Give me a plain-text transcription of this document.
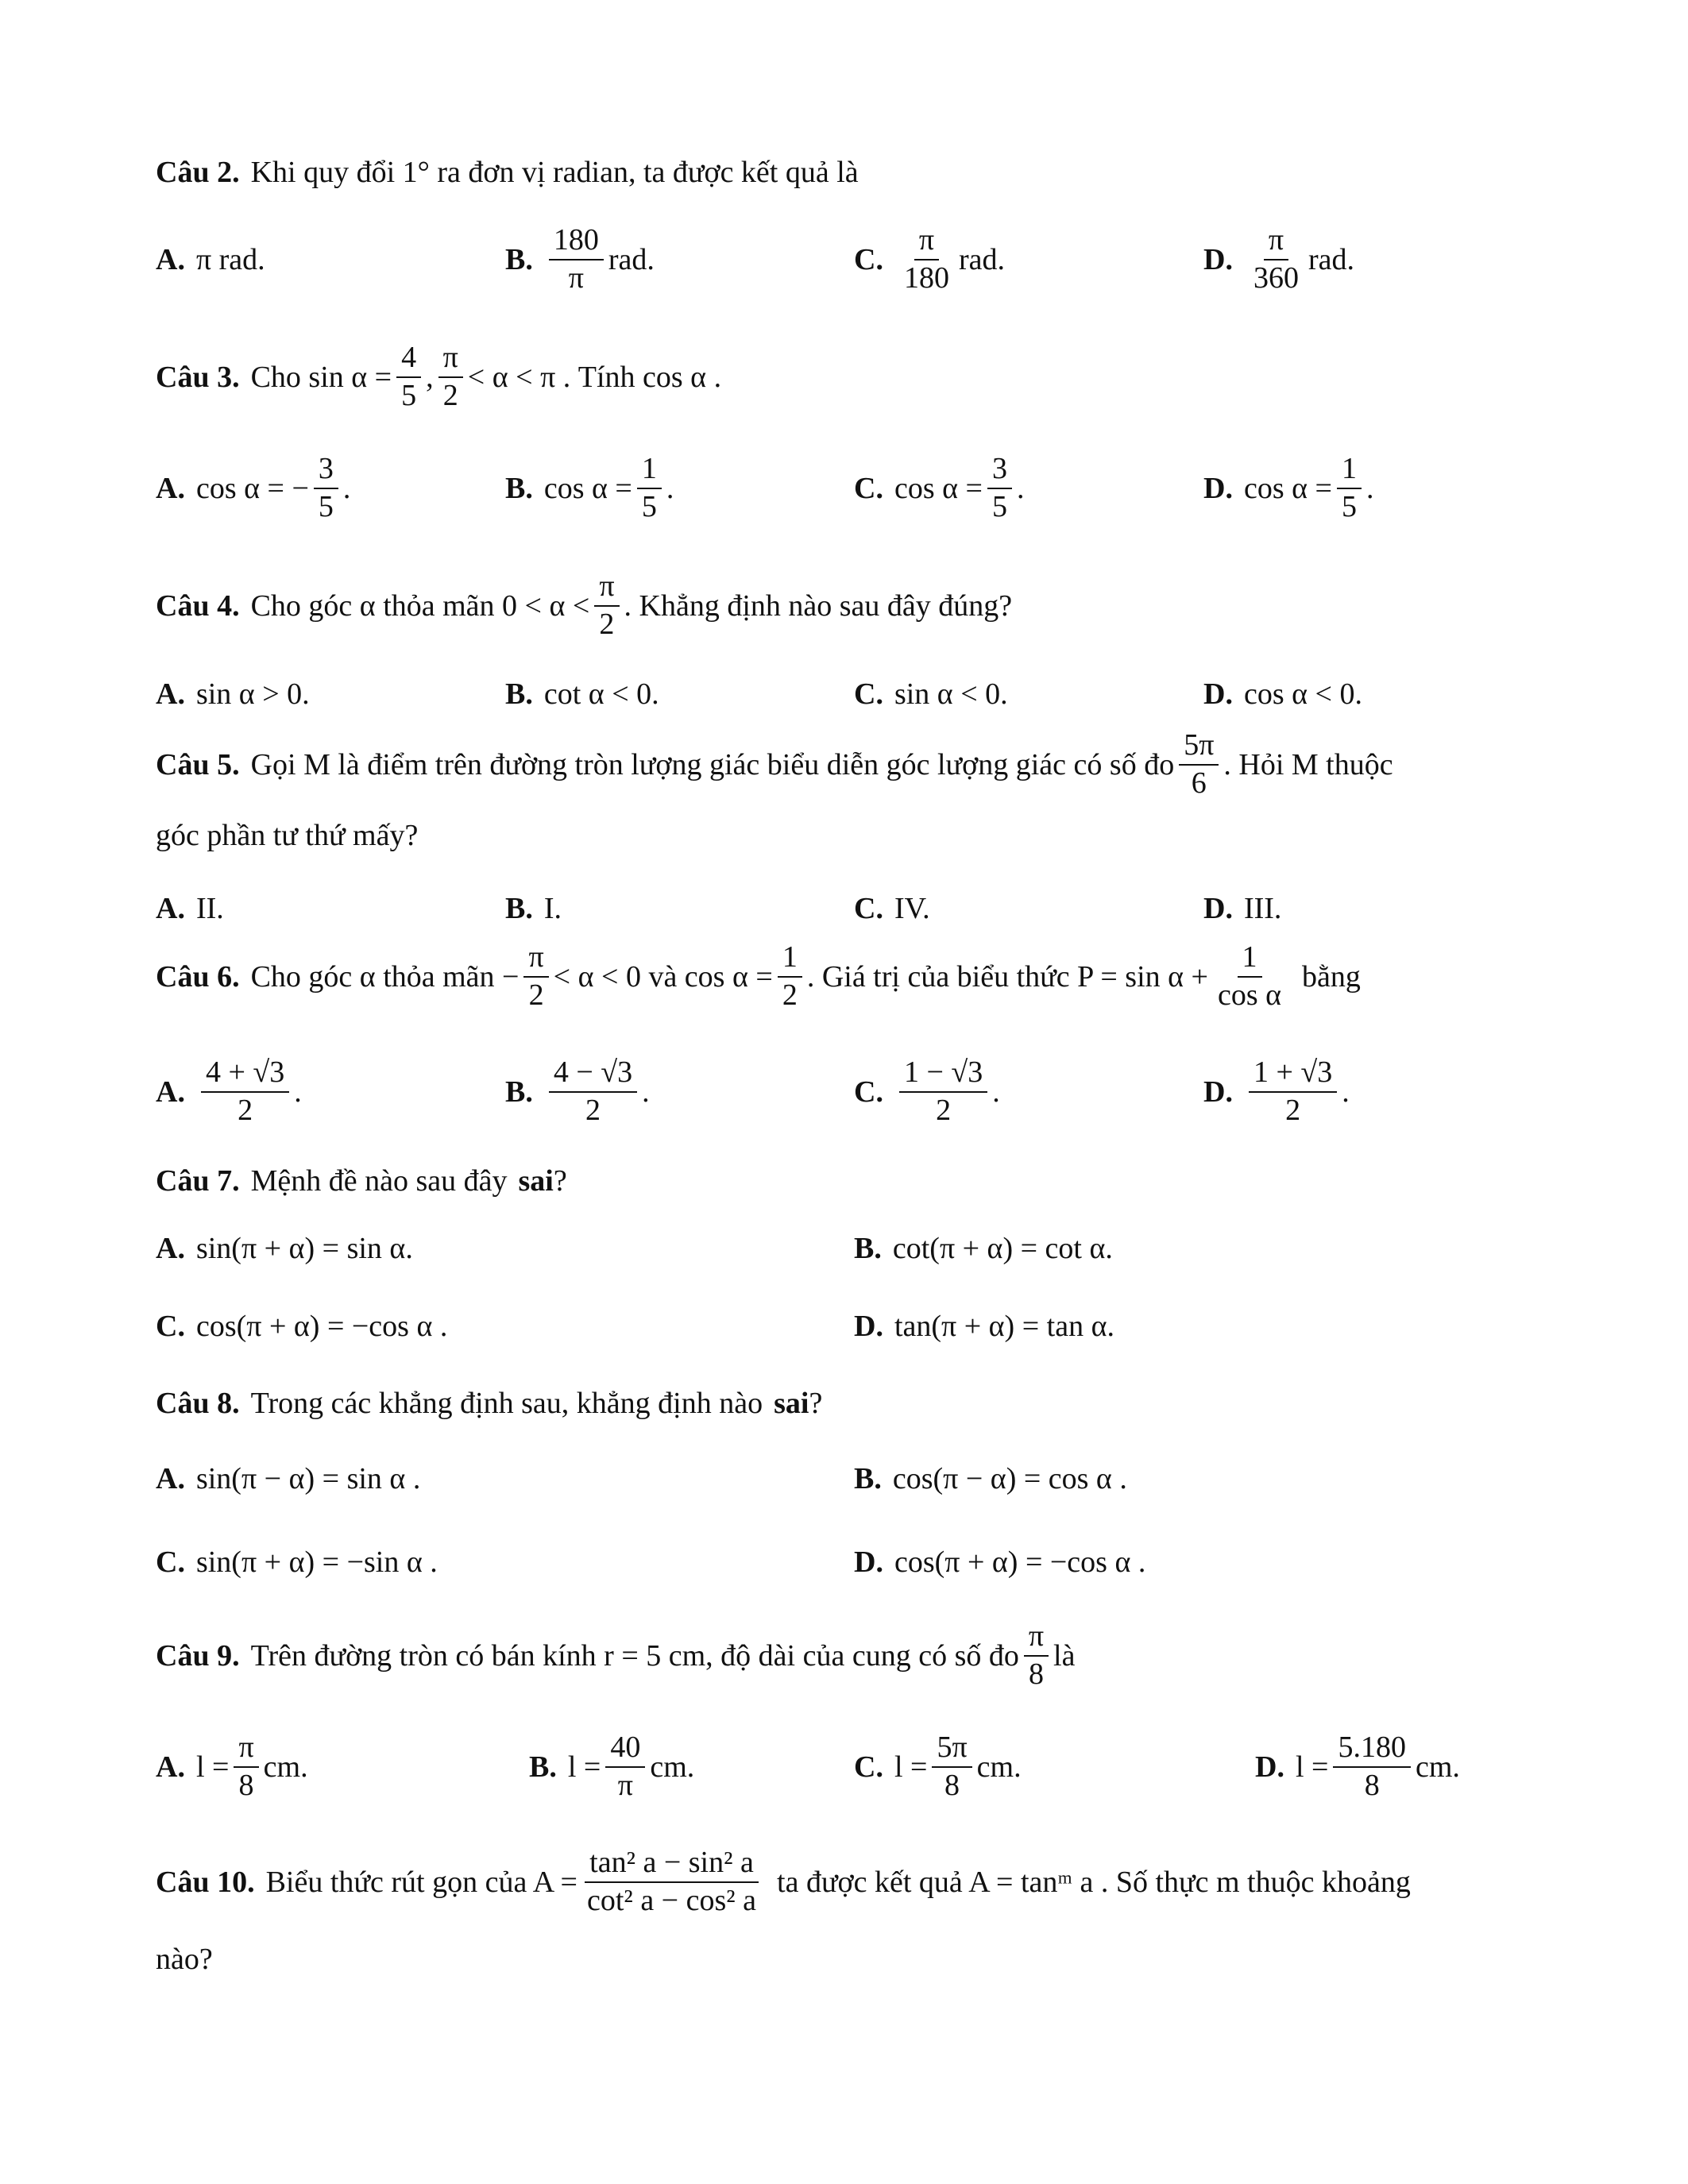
Câu 2. Khi quy đổi 1° ra đơn vị radian, ta được kết quả là
A. π rad.	B. $\frac{180}{\pi}$ rad.	C. $\frac{\pi}{180}$ rad.	D. $\frac{\pi}{360}$ rad.
Câu 3. Cho $\sin \alpha = \frac{4}{5}$ , $\frac{\pi}{2} < \alpha < \pi$ . Tính cos α .
A. cos α = − $\frac{3}{5}$ .	B. $\cos \alpha = \frac{1}{5}$ .	C. $\cos \alpha = \frac{3}{5}$ .	D. $\cos \alpha = \frac{1}{5}$ .
Câu 4. Cho góc α thỏa mãn $0 < \alpha < \frac{\pi}{2}$ . Khẳng định nào sau đây đúng?
A. sin α > 0.	B. cot α < 0.	C. sin α < 0.	D. cos α < 0.
Câu 5. Gọi M là điểm trên đường tròn lượng giác biểu diễn góc lượng giác có số đo $\frac{5\pi}{6}$ . Hỏi M thuộc
góc phần tư thứ mấy?
A. II.	B. I.	C. IV.	D. III.
Câu 6. Cho góc α thỏa mãn − $\frac{\pi}{2} < \alpha < 0$ và $\cos \alpha = \frac{1}{2}$ . Giá trị của biểu thức $P = \sin \alpha + \frac{1}{\text{cos α}}$ bằng
A. $\frac{4 + √3}{2}$ .	B. $\frac{4 - √3}{2}$ .	C. $\frac{1 - √3}{2}$ .	D. $\frac{1 + √3}{2}$ .
Câu 7. Mệnh đề nào sau đây sai ?
A. sin(π + α) = sin α.	B. cot(π + α) = cot α.
C. cos(π + α) = −cos α .	D. tan(π + α) = tan α.
Câu 8. Trong các khẳng định sau, khẳng định nào sai ?
A. sin(π − α) = sin α .	B. cos(π − α) = cos α .
C. sin(π + α) = −sin α .	D. cos(π + α) = −cos α .
Câu 9. Trên đường tròn có bán kính r = 5 cm, độ dài của cung có số đo $\frac{\pi}{8}$ là
A. $l = \frac{\pi}{8}$ cm.	B. $l = \frac{40}{\pi}$ cm.	C. $l = \frac{5\pi}{8}$ cm.	D. $l = \frac{5.180}{8}$ cm.
Câu 10. Biểu thức rút gọn của $A = \frac{\text{tan² a − sin² a}}{\text{cot² a − cos² a}}$ ta được kết quả A = tanᵐ a . Số thực m thuộc khoảng
nào?
